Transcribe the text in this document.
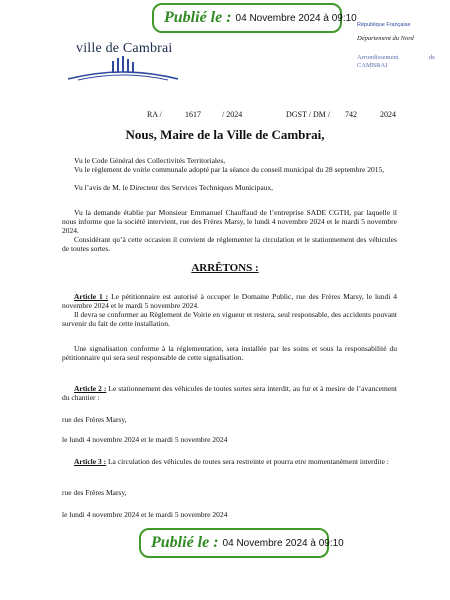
Publié le : 04 Novembre 2024 à 09:10
ville de Cambrai
République Française
Département du Nord
Arrondissement	de
CAMBRAI
RA /	1617	/ 2024	DGST / DM / 742	2024
Nous, Maire de la Ville de Cambrai,
Vu le Code Général des Collectivités Territoriales,
Vu le règlement de voirie communale adopté par la séance du conseil municipal du 28 septembre 2015,
Vu l’avis de M. le Directeur des Services Techniques Municipaux,
Vu la demande établie par Monsieur Emmanuel Chauffaud de l’entreprise SADE CGTH, par laquelle il nous informe que la société intervient, rue des Frères Marsy, le lundi 4 novembre 2024 et le mardi 5 novembre 2024.
Considérant qu’à cette occasion il convient de réglementer la circulation et le stationnement des véhicules de toutes sortes.
ARRÊTONS :
Article 1 : Le pétitionnaire est autorisé à occuper le Domaine Public, rue des Frères Marsy, le lundi 4 novembre 2024 et le mardi 5 novembre 2024.
Il devra se conformer au Règlement de Voirie en vigueur et restera, seul responsable, des accidents pouvant survenir du fait de cette installation.
Une signalisation conforme à la réglementation, sera installée par les soins et sous la responsabilité du pétitionnaire qui sera seul responsable de cette signalisation.
Article 2 : Le stationnement des véhicules de toutes sortes sera interdit, au fur et à mesire de l’avancement du chantier :
rue des Frères Marsy,
le lundi 4 novembre 2024 et le mardi 5 novembre 2024
Article 3 : La circulation des véhicules de toutes sera restreinte et pourra etre momentanément interdite :
rue des Frères Marsy,
le lundi 4 novembre 2024 et le mardi 5 novembre 2024
Publié le : 04 Novembre 2024 à 09:10
